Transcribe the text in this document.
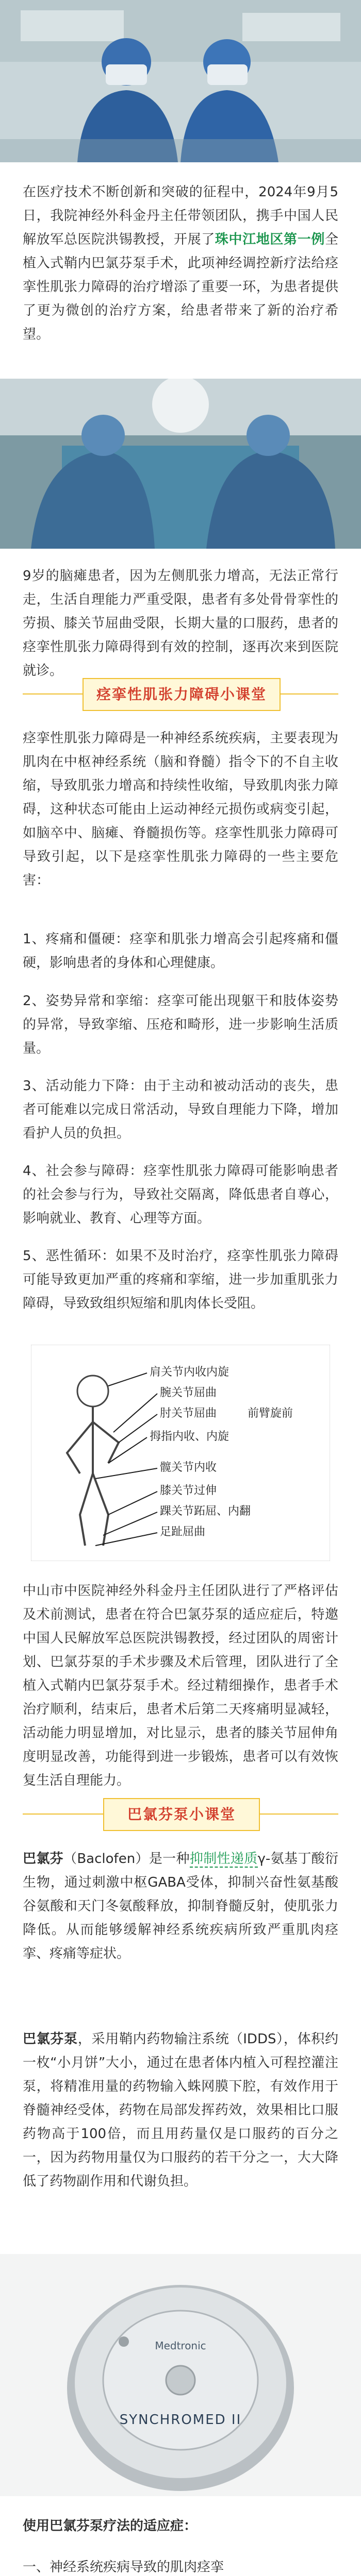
在医疗技术不断创新和突破的征程中，2024年9月5日，我院神经外科金丹主任带领团队，携手中国人民解放军总医院洪锡教授，开展了珠中江地区第一例全植入式鞘内巴氯芬泵手术，此项神经调控新疗法给痉挛性肌张力障碍的治疗增添了重要一环，为患者提供了更为微创的治疗方案，给患者带来了新的治疗希望。

9岁的脑瘫患者，因为左侧肌张力增高，无法正常行走，生活自理能力严重受限，患者有多处骨骨挛性的劳损、膝关节屈曲受限，长期大量的口服药，患者的痉挛性肌张力障碍得到有效的控制，逐再次来到医院就诊。

痉挛性肌张力障碍小课堂

痉挛性肌张力障碍是一种神经系统疾病，主要表现为肌肉在中枢神经系统（脑和脊髓）指令下的不自主收缩，导致肌张力增高和持续性收缩，导致肌肉张力障碍，这种状态可能由上运动神经元损伤或病变引起，如脑卒中、脑瘫、脊髓损伤等。痉挛性肌张力障碍可导致引起，以下是痉挛性肌张力障碍的一些主要危害：

1、疼痛和僵硬：痉挛和肌张力增高会引起疼痛和僵硬，影响患者的身体和心理健康。

2、姿势异常和挛缩：痉挛可能出现躯干和肢体姿势的异常，导致挛缩、压疮和畸形，进一步影响生活质量。

3、活动能力下降：由于主动和被动活动的丧失，患者可能难以完成日常活动，导致自理能力下降，增加看护人员的负担。

4、社会参与障碍：痉挛性肌张力障碍可能影响患者的社会参与行为，导致社交隔离，降低患者自尊心，影响就业、教育、心理等方面。

5、恶性循环：如果不及时治疗，痉挛性肌张力障碍可能导致更加严重的疼痛和挛缩，进一步加重肌张力障碍，导致致组织短缩和肌肉体长受阻。

肩关节内收内旋
腕关节屈曲
肘关节屈曲	前臂旋前
拇指内收、内旋
髋关节内收
膝关节过伸
踝关节跖屈、内翻
足趾屈曲

中山市中医院神经外科金丹主任团队进行了严格评估及术前测试，患者在符合巴氯芬泵的适应症后，特邀中国人民解放军总医院洪锡教授，经过团队的周密计划、巴氯芬泵的手术步骤及术后管理，团队进行了全植入式鞘内巴氯芬泵手术。经过精细操作，患者手术治疗顺利，结束后，患者术后第二天疼痛明显减轻，活动能力明显增加，对比显示，患者的膝关节屈伸角度明显改善，功能得到进一步锻炼，患者可以有效恢复生活自理能力。

巴氯芬泵小课堂

巴氯芬（Baclofen）是一种抑制性递质γ-氨基丁酸衍生物，通过刺激中枢GABA受体，抑制兴奋性氨基酸谷氨酸和天门冬氨酸释放，抑制脊髓反射，使肌张力降低。从而能够缓解神经系统疾病所致严重肌肉痉挛、疼痛等症状。

巴氯芬泵，采用鞘内药物输注系统（IDDS），体积约一枚“小月饼”大小，通过在患者体内植入可程控灌注泵，将精准用量的药物输入蛛网膜下腔，有效作用于脊髓神经受体，药物在局部发挥药效，效果相比口服药物高于100倍，而且用药量仅是口服药的百分之一，因为药物用量仅为口服药的若干分之一，大大降低了药物副作用和代谢负担。

Medtronic
SYNCHROMED II

使用巴氯芬泵疗法的适应症：

一、神经系统疾病导致的肌肉痉挛
